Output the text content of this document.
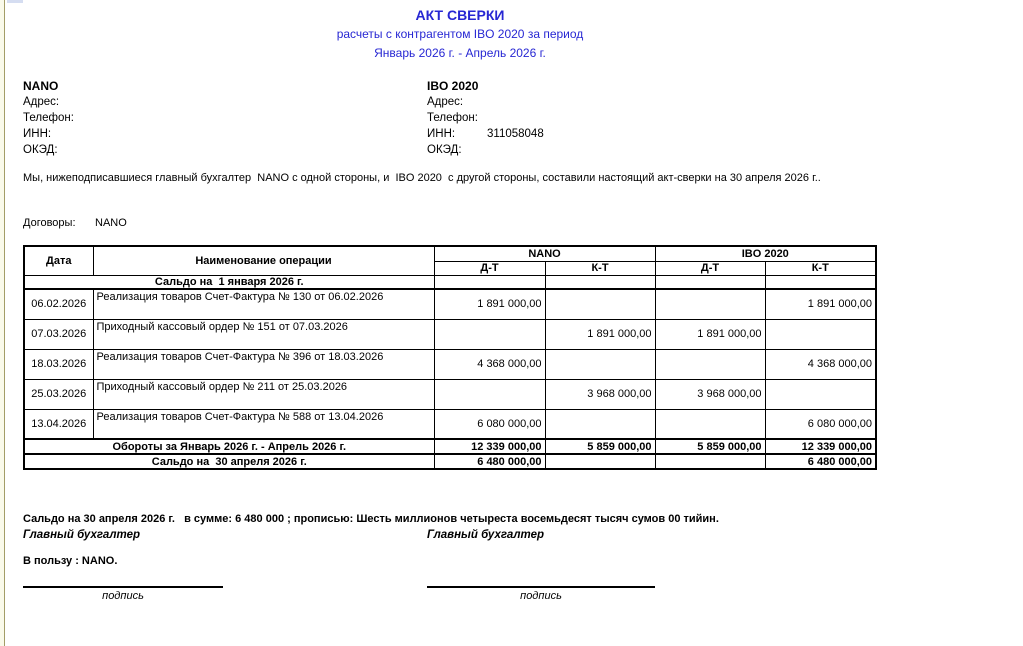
АКТ СВЕРКИ
расчеты с контрагентом IBO 2020 за период
Январь 2026 г. - Апрель 2026 г.
NANO
Адрес:
Телефон:
ИНН:
ОКЭД:
IBO 2020
Адрес:
Телефон:
ИНН:	311058048
ОКЭД:
Мы, нижеподписавшиеся главный бухгалтер  NANO с одной стороны, и  IBO 2020  с другой стороны, составили настоящий акт-сверки на 30 апреля 2026 г..
Договоры: NANO
Дата	Наименование операции	NANO		IBO 2020	
		Д-Т	К-Т	Д-Т	К-Т
Сальдо на  1 января 2026 г.					
06.02.2026	Реализация товаров Счет-Фактура № 130 от 06.02.2026	1 891 000,00			1 891 000,00
07.03.2026	Приходный кассовый ордер № 151 от 07.03.2026		1 891 000,00	1 891 000,00	
18.03.2026	Реализация товаров Счет-Фактура № 396 от 18.03.2026	4 368 000,00			4 368 000,00
25.03.2026	Приходный кассовый ордер № 211 от 25.03.2026		3 968 000,00	3 968 000,00	
13.04.2026	Реализация товаров Счет-Фактура № 588 от 13.04.2026	6 080 000,00			6 080 000,00
Обороты за Январь 2026 г. - Апрель 2026 г.		12 339 000,00	5 859 000,00	5 859 000,00	12 339 000,00
Сальдо на  30 апреля 2026 г.		6 480 000,00			6 480 000,00

Сальдо на 30 апреля 2026 г.   в сумме: 6 480 000 ; прописью: Шесть миллионов четыреста восемьдесят тысяч сумов 00 тийин.

В пользу : NANO.

Главный бухгалтер
подпись
Главный бухгалтер
подпись
